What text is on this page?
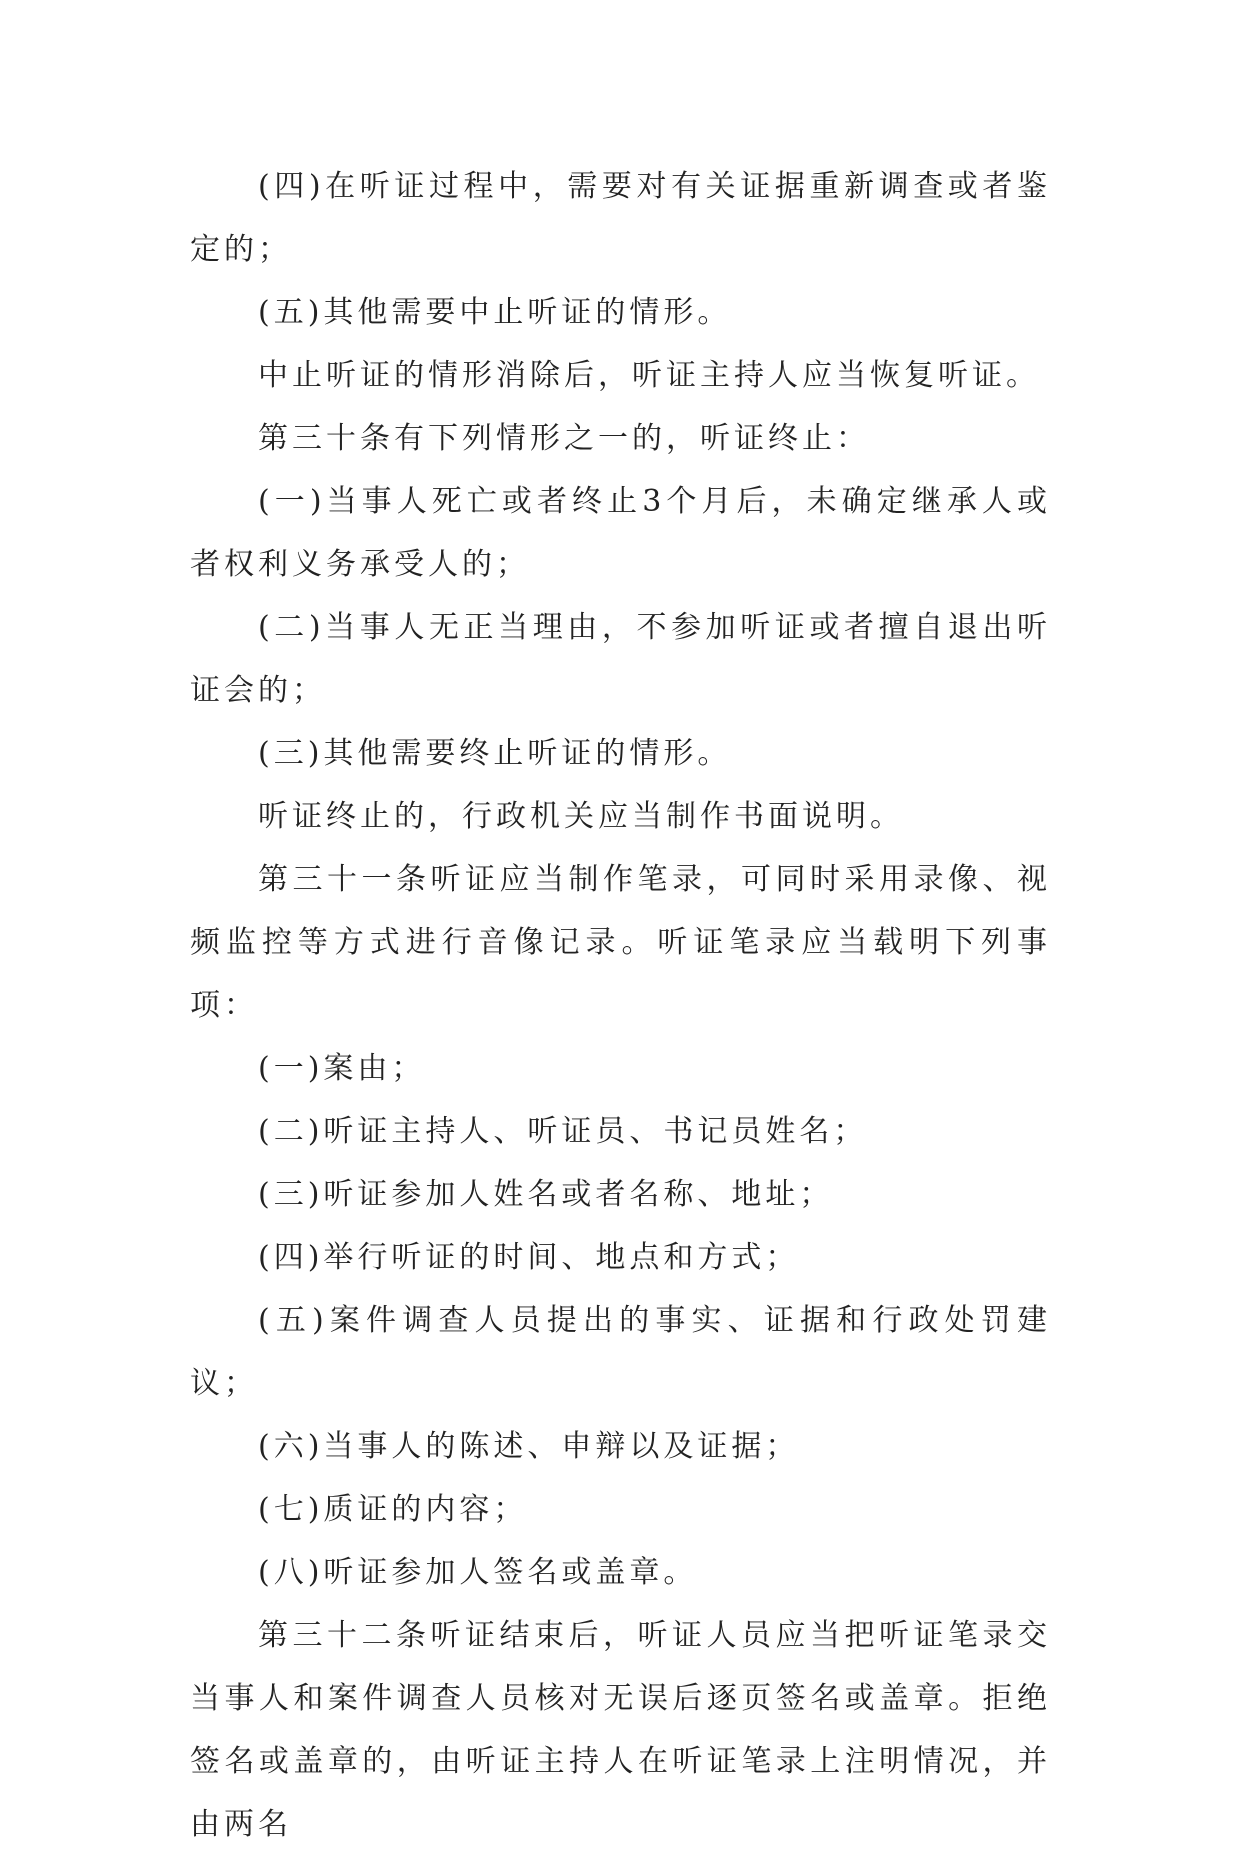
(四)在听证过程中，需要对有关证据重新调查或者鉴定的；

(五)其他需要中止听证的情形。

中止听证的情形消除后，听证主持人应当恢复听证。

第三十条有下列情形之一的，听证终止：

(一)当事人死亡或者终止3个月后，未确定继承人或者权利义务承受人的；

(二)当事人无正当理由，不参加听证或者擅自退出听证会的；

(三)其他需要终止听证的情形。

听证终止的，行政机关应当制作书面说明。

第三十一条听证应当制作笔录，可同时采用录像、视频监控等方式进行音像记录。听证笔录应当载明下列事项：

(一)案由；

(二)听证主持人、听证员、书记员姓名；

(三)听证参加人姓名或者名称、地址；

(四)举行听证的时间、地点和方式；

(五)案件调查人员提出的事实、证据和行政处罚建议；

(六)当事人的陈述、申辩以及证据；

(七)质证的内容；

(八)听证参加人签名或盖章。

第三十二条听证结束后，听证人员应当把听证笔录交当事人和案件调查人员核对无误后逐页签名或盖章。拒绝签名或盖章的，由听证主持人在听证笔录上注明情况，并由两名
